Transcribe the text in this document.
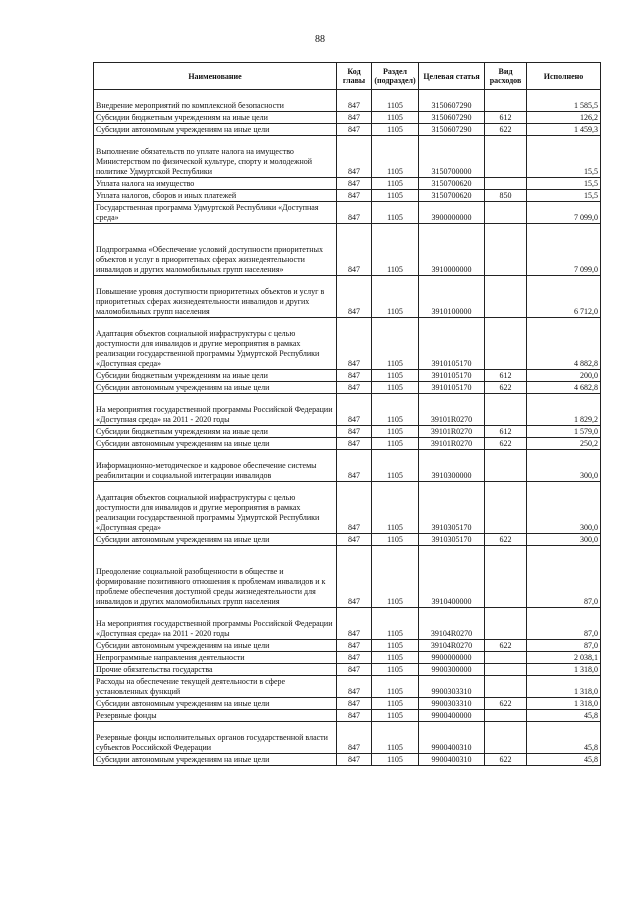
88
Наименование	Код главы	Раздел (подраздел)	Целевая статья	Вид расходов	Исполнено
Внедрение мероприятий по комплексной безопасности	847	1105	3150607290		1 585,5
Субсидии бюджетным учреждениям на иные цели	847	1105	3150607290	612	126,2
Субсидии автономным учреждениям на иные цели	847	1105	3150607290	622	1 459,3
Выполнение обязательств по уплате налога на имущество Министерством по физической культуре, спорту и молодежной политике Удмуртской Республики	847	1105	3150700000		15,5
Уплата налога на имущество	847	1105	3150700620		15,5
Уплата налогов, сборов и иных платежей	847	1105	3150700620	850	15,5
Государственная программа Удмуртской Республики «Доступная среда»	847	1105	3900000000		7 099,0
Подпрограмма «Обеспечение условий доступности приоритетных объектов и услуг в приоритетных сферах жизнедеятельности инвалидов и других маломобильных групп населения»	847	1105	3910000000		7 099,0
Повышение уровня доступности приоритетных объектов и услуг в приоритетных сферах жизнедеятельности инвалидов и других маломобильных групп населения	847	1105	3910100000		6 712,0
Адаптация объектов социальной инфраструктуры с целью доступности для инвалидов и другие мероприятия в рамках реализации государственной программы Удмуртской Республики «Доступная среда»	847	1105	3910105170		4 882,8
Субсидии бюджетным учреждениям на иные цели	847	1105	3910105170	612	200,0
Субсидии автономным учреждениям на иные цели	847	1105	3910105170	622	4 682,8
На мероприятия государственной программы Российской Федерации «Доступная среда» на 2011 - 2020 годы	847	1105	39101R0270		1 829,2
Субсидии бюджетным учреждениям на иные цели	847	1105	39101R0270	612	1 579,0
Субсидии автономным учреждениям на иные цели	847	1105	39101R0270	622	250,2
Информационно-методическое и кадровое обеспечение системы реабилитации и социальной интеграции инвалидов	847	1105	3910300000		300,0
Адаптация объектов социальной инфраструктуры с целью доступности для инвалидов и другие мероприятия в рамках реализации государственной программы Удмуртской Республики «Доступная среда»	847	1105	3910305170		300,0
Субсидии автономным учреждениям на иные цели	847	1105	3910305170	622	300,0
Преодоление социальной разобщенности в обществе и формирование позитивного отношения к проблемам инвалидов и к проблеме обеспечения доступной среды жизнедеятельности для инвалидов и других маломобильных групп населения	847	1105	3910400000		87,0
На мероприятия государственной программы Российской Федерации «Доступная среда» на 2011 - 2020 годы	847	1105	39104R0270		87,0
Субсидии автономным учреждениям на иные цели	847	1105	39104R0270	622	87,0
Непрограммные направления деятельности	847	1105	9900000000		2 038,1
Прочие обязательства государства	847	1105	9900300000		1 318,0
Расходы на обеспечение текущей деятельности в сфере установленных функций	847	1105	9900303310		1 318,0
Субсидии автономным учреждениям на иные цели	847	1105	9900303310	622	1 318,0
Резервные фонды	847	1105	9900400000		45,8
Резервные фонды исполнительных органов государственной власти субъектов Российской Федерации	847	1105	9900400310		45,8
Субсидии автономным учреждениям на иные цели	847	1105	9900400310	622	45,8
